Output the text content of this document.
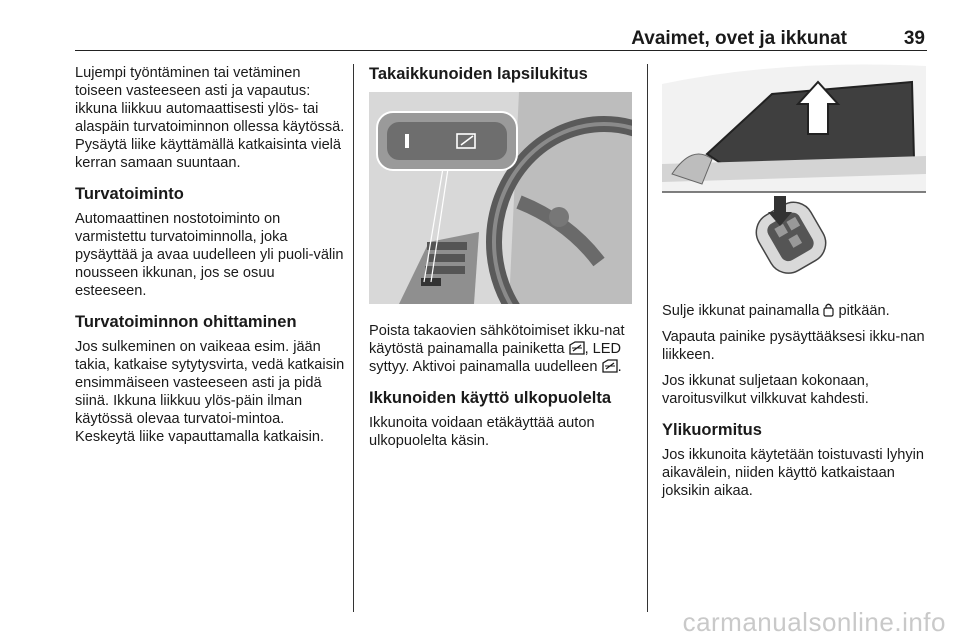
Avaimet, ovet ja ikkunat	39

Lujempi työntäminen tai vetäminen toiseen vasteeseen asti ja vapautus: ikkuna liikkuu automaattisesti ylös- tai alaspäin turvatoiminnon ollessa käytössä. Pysäytä liike käyttämällä katkaisinta vielä kerran samaan suuntaan.

Turvatoiminto

Automaattinen nostotoiminto on varmistettu turvatoiminnolla, joka pysäyttää ja avaa uudelleen yli puoli-välin nousseen ikkunan, jos se osuu esteeseen.

Turvatoiminnon ohittaminen

Jos sulkeminen on vaikeaa esim. jään takia, katkaise sytytysvirta, vedä katkaisin ensimmäiseen vasteeseen asti ja pidä siinä. Ikkuna liikkuu ylös-päin ilman käytössä olevaa turvatoi-mintoa. Keskeytä liike vapauttamalla katkaisin.

Takaikkunoiden lapsilukitus

Poista takaovien sähkötoimiset ikku-nat käytöstä painamalla painiketta , LED syttyy. Aktivoi painamalla uudelleen .

Ikkunoiden käyttö ulkopuolelta

Ikkunoita voidaan etäkäyttää auton ulkopuolelta käsin.

Sulje ikkunat painamalla pitkään.

Vapauta painike pysäyttääksesi ikku-nan liikkeen.

Jos ikkunat suljetaan kokonaan, varoitusvilkut vilkkuvat kahdesti.

Ylikuormitus

Jos ikkunoita käytetään toistuvasti lyhyin aikavälein, niiden käyttö katkaistaan joksikin aikaa.

carmanualsonline.info
